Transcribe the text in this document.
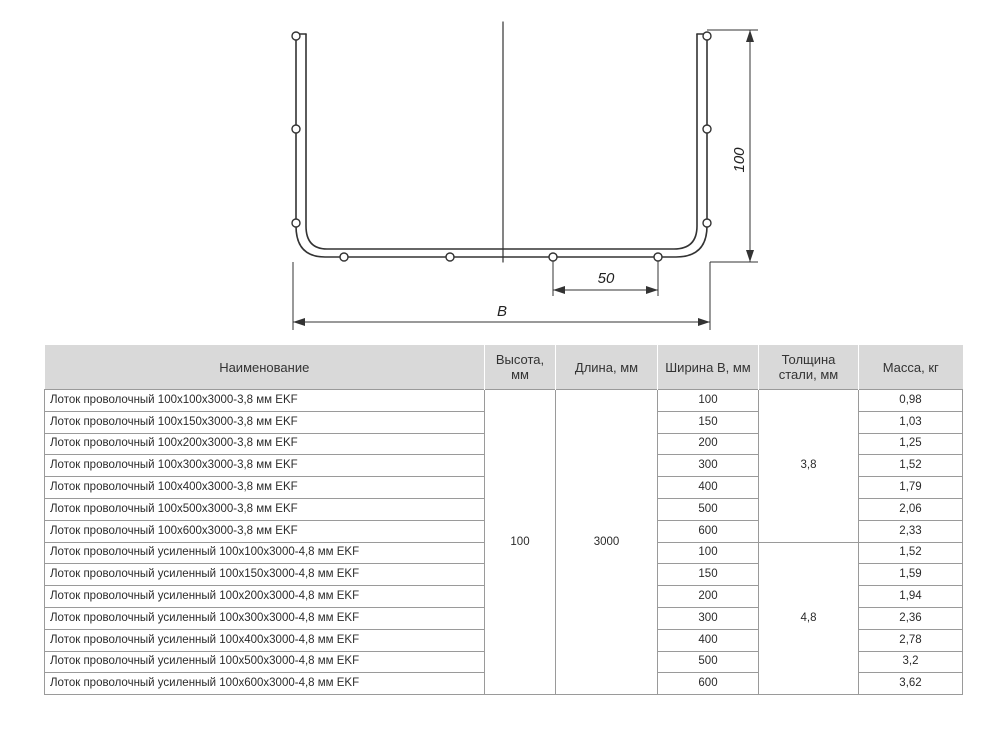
100
50
B
Наименование	Высота, мм	Длина, мм	Ширина B, мм	Толщина стали, мм	Масса, кг
Лоток проволочный 100х100х3000-3,8 мм EKF	100	3000	100	3,8	0,98
Лоток проволочный 100х150х3000-3,8 мм EKF			150		1,03
Лоток проволочный 100х200х3000-3,8 мм EKF			200		1,25
Лоток проволочный 100х300х3000-3,8 мм EKF			300		1,52
Лоток проволочный 100х400х3000-3,8 мм EKF			400		1,79
Лоток проволочный 100х500х3000-3,8 мм EKF			500		2,06
Лоток проволочный 100х600х3000-3,8 мм EKF			600		2,33
Лоток проволочный усиленный 100х100х3000-4,8 мм EKF			100	4,8	1,52
Лоток проволочный усиленный 100х150х3000-4,8 мм EKF			150		1,59
Лоток проволочный усиленный 100х200х3000-4,8 мм EKF			200		1,94
Лоток проволочный усиленный 100х300х3000-4,8 мм EKF			300		2,36
Лоток проволочный усиленный 100х400х3000-4,8 мм EKF			400		2,78
Лоток проволочный усиленный 100х500х3000-4,8 мм EKF			500		3,2
Лоток проволочный усиленный 100х600х3000-4,8 мм EKF			600		3,62
